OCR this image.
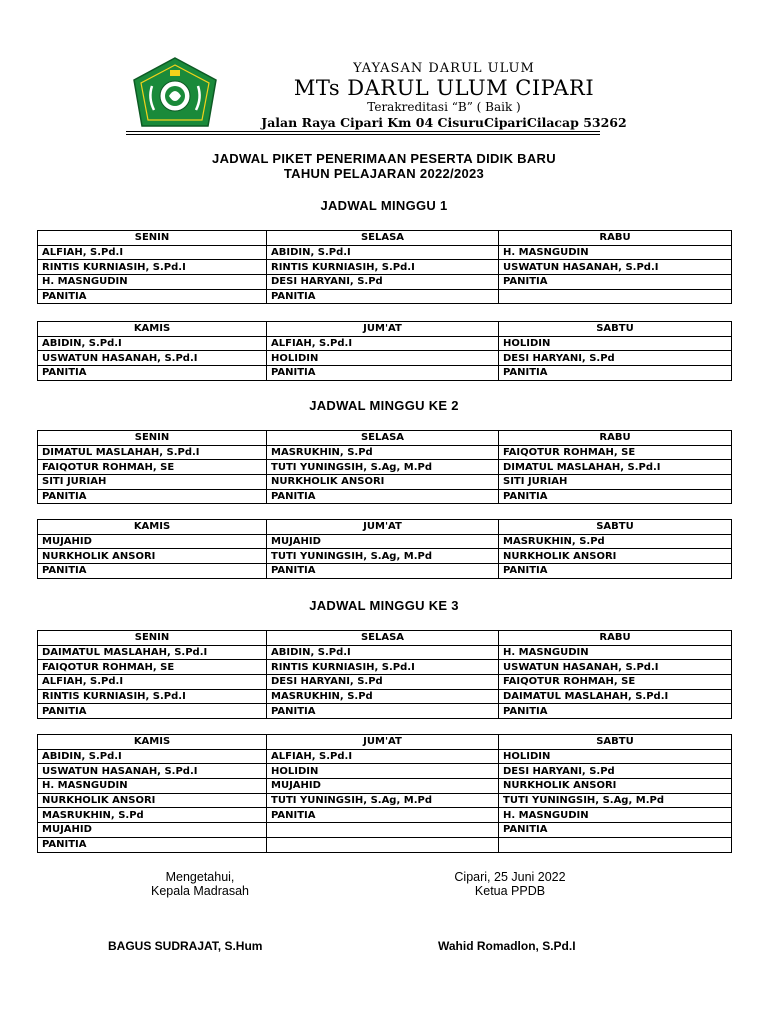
YAYASAN DARUL ULUM
MTs DARUL ULUM CIPARI
Terakreditasi “B” ( Baik )
Jalan Raya Cipari Km 04 CisuruCipariCilacap 53262
JADWAL PIKET PENERIMAAN PESERTA DIDIK BARU
TAHUN PELAJARAN 2022/2023
JADWAL MINGGU 1
SENIN	SELASA	RABU
ALFIAH, S.Pd.I	ABIDIN, S.Pd.I	H. MASNGUDIN
RINTIS KURNIASIH, S.Pd.I	RINTIS KURNIASIH, S.Pd.I	USWATUN HASANAH, S.Pd.I
H. MASNGUDIN	DESI HARYANI, S.Pd	PANITIA
PANITIA	PANITIA	
KAMIS	JUM'AT	SABTU
ABIDIN, S.Pd.I	ALFIAH, S.Pd.I	HOLIDIN
USWATUN HASANAH, S.Pd.I	HOLIDIN	DESI HARYANI, S.Pd
PANITIA	PANITIA	PANITIA
JADWAL MINGGU KE 2
SENIN	SELASA	RABU
DIMATUL MASLAHAH, S.Pd.I	MASRUKHIN, S.Pd	FAIQOTUR ROHMAH, SE
FAIQOTUR ROHMAH, SE	TUTI YUNINGSIH, S.Ag, M.Pd	DIMATUL MASLAHAH, S.Pd.I
SITI JURIAH	NURKHOLIK ANSORI	SITI JURIAH
PANITIA	PANITIA	PANITIA
KAMIS	JUM'AT	SABTU
MUJAHID	MUJAHID	MASRUKHIN, S.Pd
NURKHOLIK ANSORI	TUTI YUNINGSIH, S.Ag, M.Pd	NURKHOLIK ANSORI
PANITIA	PANITIA	PANITIA
JADWAL MINGGU KE 3
SENIN	SELASA	RABU
DAIMATUL MASLAHAH, S.Pd.I	ABIDIN, S.Pd.I	H. MASNGUDIN
FAIQOTUR ROHMAH, SE	RINTIS KURNIASIH, S.Pd.I	USWATUN HASANAH, S.Pd.I
ALFIAH, S.Pd.I	DESI HARYANI, S.Pd	FAIQOTUR ROHMAH, SE
RINTIS KURNIASIH, S.Pd.I	MASRUKHIN, S.Pd	DAIMATUL MASLAHAH, S.Pd.I
PANITIA	PANITIA	PANITIA
KAMIS	JUM'AT	SABTU
ABIDIN, S.Pd.I	ALFIAH, S.Pd.I	HOLIDIN
USWATUN HASANAH, S.Pd.I	HOLIDIN	DESI HARYANI, S.Pd
H. MASNGUDIN	MUJAHID	NURKHOLIK ANSORI
NURKHOLIK ANSORI	TUTI YUNINGSIH, S.Ag, M.Pd	TUTI YUNINGSIH, S.Ag, M.Pd
MASRUKHIN, S.Pd	PANITIA	H. MASNGUDIN
MUJAHID		PANITIA
PANITIA		
Mengetahui,
Kepala Madrasah
Cipari, 25 Juni 2022
Ketua PPDB
BAGUS SUDRAJAT, S.Hum	Wahid Romadlon, S.Pd.I
